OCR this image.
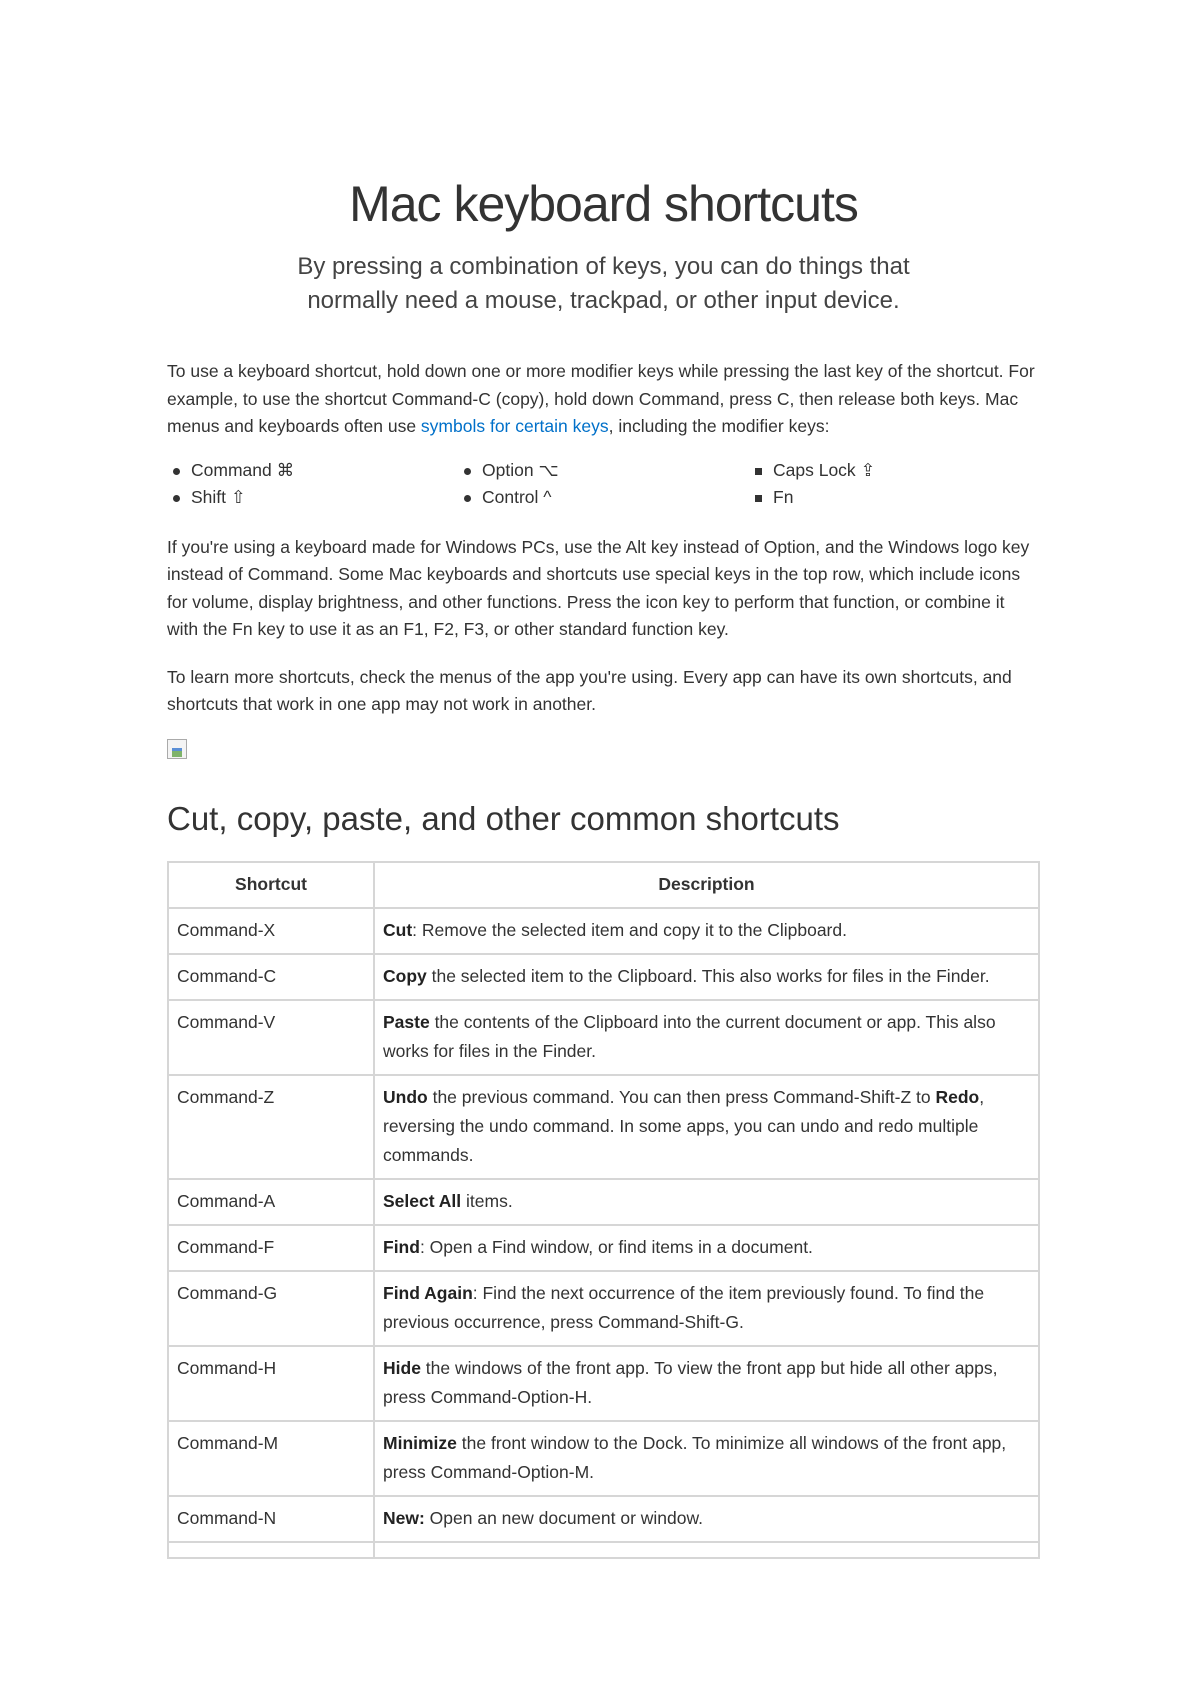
Mac keyboard shortcuts
By pressing a combination of keys, you can do things that normally need a mouse, trackpad, or other input device.

To use a keyboard shortcut, hold down one or more modifier keys while pressing the last key of the shortcut. For example, to use the shortcut Command-C (copy), hold down Command, press C, then release both keys. Mac menus and keyboards often use symbols for certain keys, including the modifier keys:

Command ⌘	Option ⌥	Caps Lock ⇪
Shift ⇧	Control ^	Fn

If you're using a keyboard made for Windows PCs, use the Alt key instead of Option, and the Windows logo key instead of Command. Some Mac keyboards and shortcuts use special keys in the top row, which include icons for volume, display brightness, and other functions. Press the icon key to perform that function, or combine it with the Fn key to use it as an F1, F2, F3, or other standard function key.

To learn more shortcuts, check the menus of the app you're using. Every app can have its own shortcuts, and shortcuts that work in one app may not work in another.

Cut, copy, paste, and other common shortcuts
Shortcut	Description
Command-X	Cut: Remove the selected item and copy it to the Clipboard.
Command-C	Copy the selected item to the Clipboard. This also works for files in the Finder.
Command-V	Paste the contents of the Clipboard into the current document or app. This also works for files in the Finder.
Command-Z	Undo the previous command. You can then press Command-Shift-Z to Redo, reversing the undo command. In some apps, you can undo and redo multiple commands.
Command-A	Select All items.
Command-F	Find: Open a Find window, or find items in a document.
Command-G	Find Again: Find the next occurrence of the item previously found. To find the previous occurrence, press Command-Shift-G.
Command-H	Hide the windows of the front app. To view the front app but hide all other apps, press Command-Option-H.
Command-M	Minimize the front window to the Dock. To minimize all windows of the front app, press Command-Option-M.
Command-N	New: Open an new document or window.
